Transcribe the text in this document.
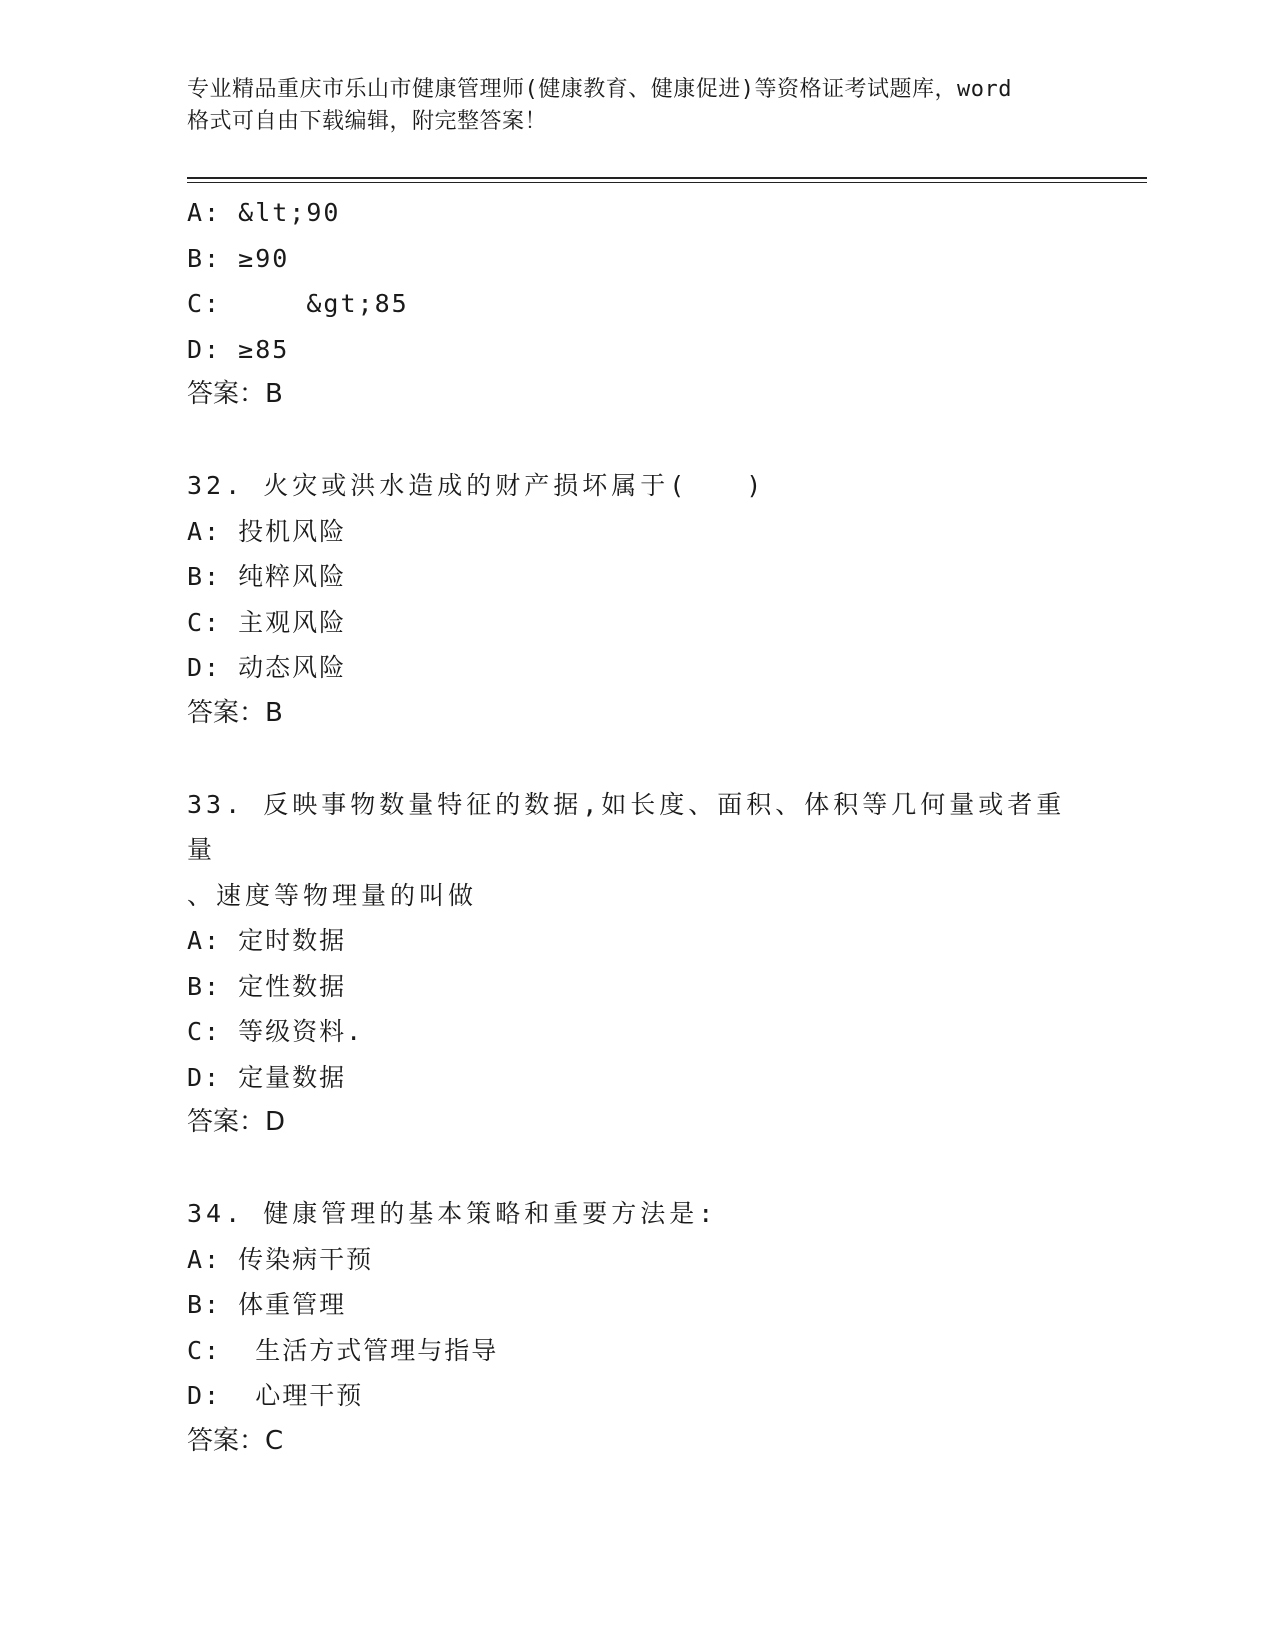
专业精品重庆市乐山市健康管理师(健康教育、健康促进)等资格证考试题库，word
格式可自由下载编辑，附完整答案！
A: &lt;90
B: ≥90
C:     &gt;85
D: ≥85
答案：B
32. 火灾或洪水造成的财产损坏属于(　　)
A: 投机风险
B: 纯粹风险
C: 主观风险
D: 动态风险
答案：B
33. 反映事物数量特征的数据,如长度、面积、体积等几何量或者重量
、速度等物理量的叫做
A: 定时数据
B: 定性数据
C: 等级资料.
D: 定量数据
答案：D
34. 健康管理的基本策略和重要方法是:
A: 传染病干预
B: 体重管理
C:  生活方式管理与指导
D:  心理干预
答案：C
